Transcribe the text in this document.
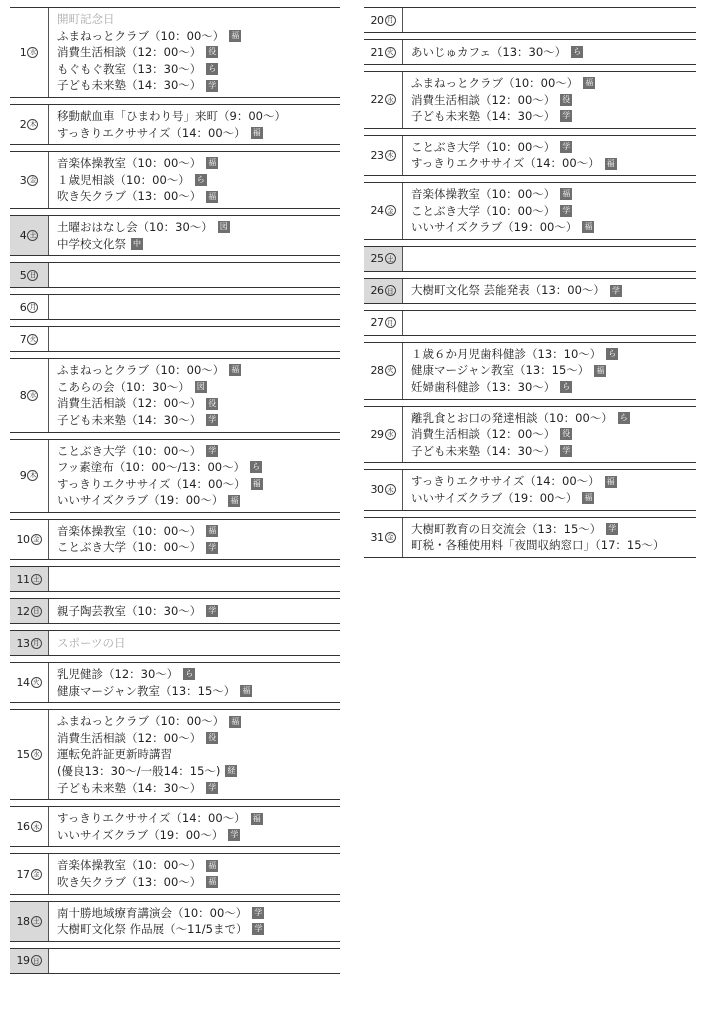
1 水
開町記念日
ふまねっとクラブ（10：00〜） 福
消費生活相談（12：00〜） 役
もぐもぐ教室（13：30〜） ら
子ども未来塾（14：30〜） 学
2 木
移動献血車「ひまわり号」来町（9：00〜）
すっきりエクササイズ（14：00〜） 福
3 金
音楽体操教室（10：00〜） 福
１歳児相談（10：00〜） ら
吹き矢クラブ（13：00〜） 福
4 土
土曜おはなし会（10：30〜） 図
中学校文化祭 中
5 日
6 月
7 火
8 水
ふまねっとクラブ（10：00〜） 福
こあらの会（10：30〜） 図
消費生活相談（12：00〜） 役
子ども未来塾（14：30〜） 学
9 木
ことぶき大学（10：00〜） 学
フッ素塗布（10：00〜/13：00〜） ら
すっきりエクササイズ（14：00〜） 福
いいサイズクラブ（19：00〜） 福
10 金
音楽体操教室（10：00〜） 福
ことぶき大学（10：00〜） 学
11 土
12 日 親子陶芸教室（10：30〜） 学
13 月 スポーツの日
14 火
乳児健診（12：30〜） ら
健康マージャン教室（13：15〜） 福
15 水
ふまねっとクラブ（10：00〜） 福
消費生活相談（12：00〜） 役
運転免許証更新時講習
(優良13：30〜/一般14：15〜) 経
子ども未来塾（14：30〜） 学
16 木
すっきりエクササイズ（14：00〜） 福
いいサイズクラブ（19：00〜） 学
17 金
音楽体操教室（10：00〜） 福
吹き矢クラブ（13：00〜） 福
18 土
南十勝地域療育講演会（10：00〜） 学
大樹町文化祭 作品展（〜11/5まで） 学
19 日
20 月
21 火 あいじゅカフェ（13：30〜） ら
22 水
ふまねっとクラブ（10：00〜） 福
消費生活相談（12：00〜） 役
子ども未来塾（14：30〜） 学
23 木
ことぶき大学（10：00〜） 学
すっきりエクササイズ（14：00〜） 福
24 金
音楽体操教室（10：00〜） 福
ことぶき大学（10：00〜） 学
いいサイズクラブ（19：00〜） 福
25 土
26 日 大樹町文化祭 芸能発表（13：00〜） 学
27 月
28 火
１歳６か月児歯科健診（13：10〜） ら
健康マージャン教室（13：15〜） 福
妊婦歯科健診（13：30〜） ら
29 水
離乳食とお口の発達相談（10：00〜） ら
消費生活相談（12：00〜） 役
子ども未来塾（14：30〜） 学
30 木
すっきりエクササイズ（14：00〜） 福
いいサイズクラブ（19：00〜） 福
31 金
大樹町教育の日交流会（13：15〜） 学
町税・各種使用料「夜間収納窓口」（17：15〜）
